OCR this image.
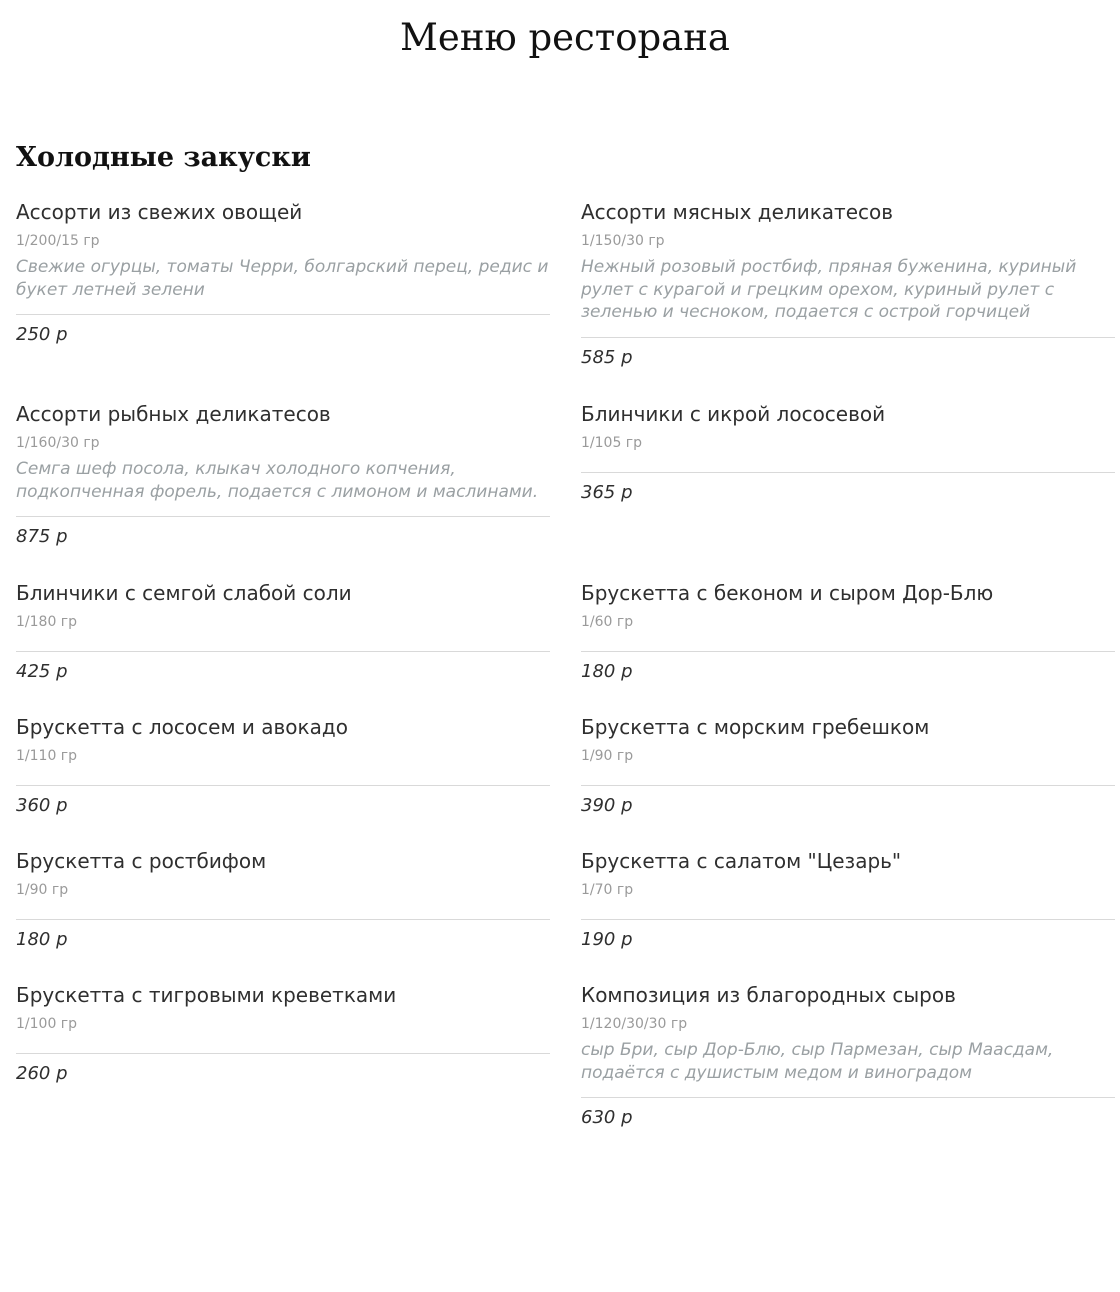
Меню ресторана
Холодные закуски
Ассорти из свежих овощей
1/200/15 гр
Свежие огурцы, томаты Черри, болгарский перец, редис и букет летней зелени
250 р
Ассорти мясных деликатесов
1/150/30 гр
Нежный розовый ростбиф, пряная буженина, куриный рулет с курагой и грецким орехом, куриный рулет с зеленью и чесноком, подается с острой горчицей
585 р
Ассорти рыбных деликатесов
1/160/30 гр
Семга шеф посола, клыкач холодного копчения, подкопченная форель, подается с лимоном и маслинами.
875 р
Блинчики с икрой лососевой
1/105 гр
365 р
Блинчики с семгой слабой соли
1/180 гр
425 р
Брускетта с беконом и сыром Дор-Блю
1/60 гр
180 р
Брускетта с лососем и авокадо
1/110 гр
360 р
Брускетта с морским гребешком
1/90 гр
390 р
Брускетта с ростбифом
1/90 гр
180 р
Брускетта с салатом "Цезарь"
1/70 гр
190 р
Брускетта с тигровыми креветками
1/100 гр
260 р
Композиция из благородных сыров
1/120/30/30 гр
сыр Бри, сыр Дор-Блю, сыр Пармезан, сыр Маасдам, подаётся с душистым медом и виноградом
630 р
